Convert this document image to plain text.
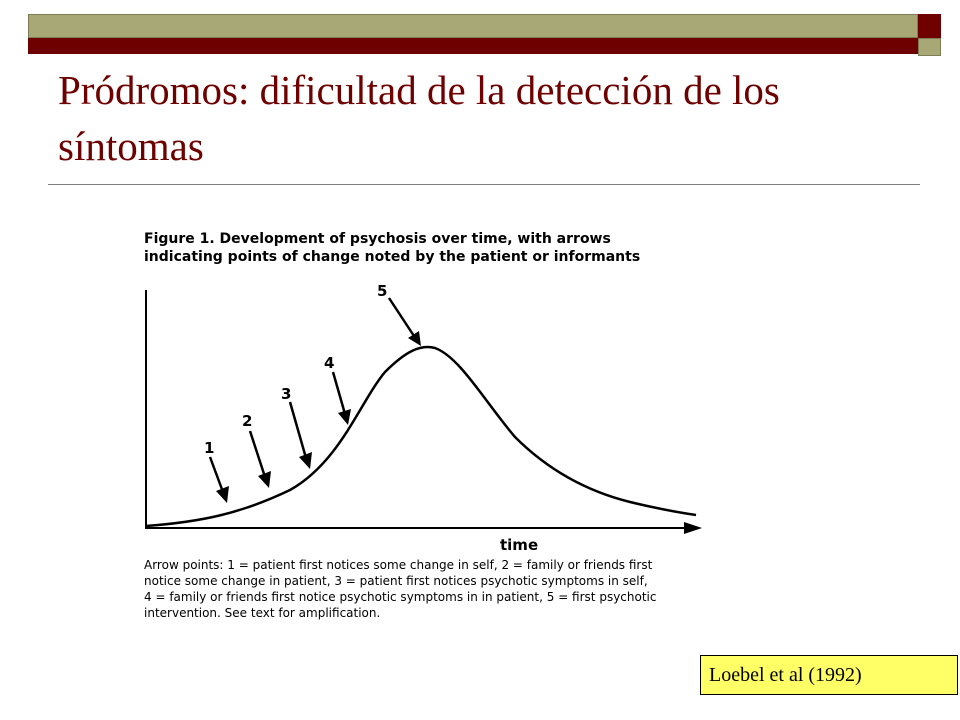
Pródromos: dificultad de la detección de los síntomas
Figure 1. Development of psychosis over time, with arrows
indicating points of change noted by the patient or informants
time
1
2
3
4
5
Arrow points: 1 = patient first notices some change in self, 2 = family or friends first
notice some change in patient, 3 = patient first notices psychotic symptoms in self,
4 = family or friends first notice psychotic symptoms in in patient, 5 = first psychotic
intervention. See text for amplification.
Loebel et al (1992)
